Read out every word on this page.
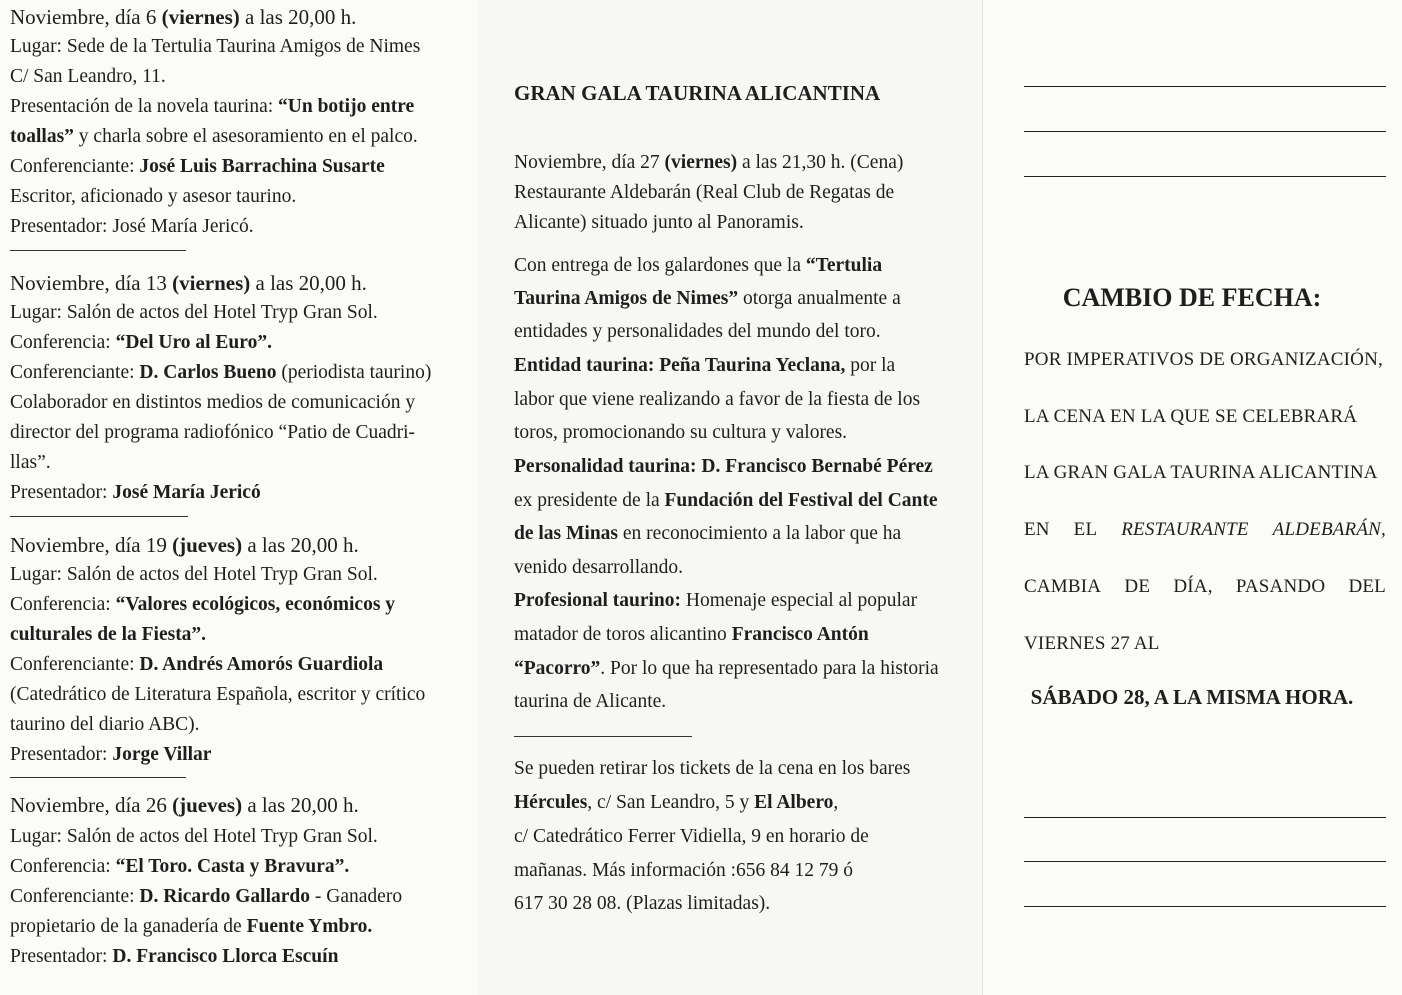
Noviembre, día 6 (viernes) a las 20,00 h.
Lugar: Sede de la Tertulia Taurina Amigos de Nimes
C/ San Leandro, 11.
Presentación de la novela taurina: “Un botijo entre
toallas” y charla sobre el asesoramiento en el palco.
Conferenciante: José Luis Barrachina Susarte
Escritor, aficionado y asesor taurino.
Presentador: José María Jericó.
Noviembre, día 13 (viernes) a las 20,00 h.
Lugar: Salón de actos del Hotel Tryp Gran Sol.
Conferencia: “Del Uro al Euro”.
Conferenciante: D. Carlos Bueno (periodista taurino)
Colaborador en distintos medios de comunicación y
director del programa radiofónico “Patio de Cuadri-
llas”.
Presentador: José María Jericó
Noviembre, día 19 (jueves) a las 20,00 h.
Lugar: Salón de actos del Hotel Tryp Gran Sol.
Conferencia: “Valores ecológicos, económicos y
culturales de la Fiesta”.
Conferenciante: D. Andrés Amorós Guardiola
(Catedrático de Literatura Española, escritor y crítico
taurino del diario ABC).
Presentador: Jorge Villar
Noviembre, día 26 (jueves) a las 20,00 h.
Lugar: Salón de actos del Hotel Tryp Gran Sol.
Conferencia: “El Toro. Casta y Bravura”.
Conferenciante: D. Ricardo Gallardo - Ganadero
propietario de la ganadería de Fuente Ymbro.
Presentador: D. Francisco Llorca Escuín
GRAN GALA TAURINA ALICANTINA
Noviembre, día 27 (viernes) a las 21,30 h. (Cena)
Restaurante Aldebarán (Real Club de Regatas de
Alicante) situado junto al Panoramis.
Con entrega de los galardones que la “Tertulia
Taurina Amigos de Nimes” otorga anualmente a
entidades y personalidades del mundo del toro.
Entidad taurina: Peña Taurina Yeclana, por la
labor que viene realizando a favor de la fiesta de los
toros, promocionando su cultura y valores.
Personalidad taurina: D. Francisco Bernabé Pérez
ex presidente de la Fundación del Festival del Cante
de las Minas en reconocimiento a la labor que ha
venido desarrollando.
Profesional taurino: Homenaje especial al popular
matador de toros alicantino Francisco Antón
“Pacorro”. Por lo que ha representado para la historia
taurina de Alicante.
Se pueden retirar los tickets de la cena en los bares
Hércules, c/ San Leandro, 5 y El Albero,
c/ Catedrático Ferrer Vidiella, 9 en horario de
mañanas. Más información :656 84 12 79 ó
617 30 28 08. (Plazas limitadas).
CAMBIO DE FECHA:
POR IMPERATIVOS DE ORGANIZACIÓN,
LA CENA EN LA QUE SE CELEBRARÁ
LA GRAN GALA TAURINA ALICANTINA
EN EL RESTAURANTE ALDEBARÁN,
CAMBIA DE DÍA, PASANDO DEL
VIERNES 27 AL
SÁBADO 28, A LA MISMA HORA.
